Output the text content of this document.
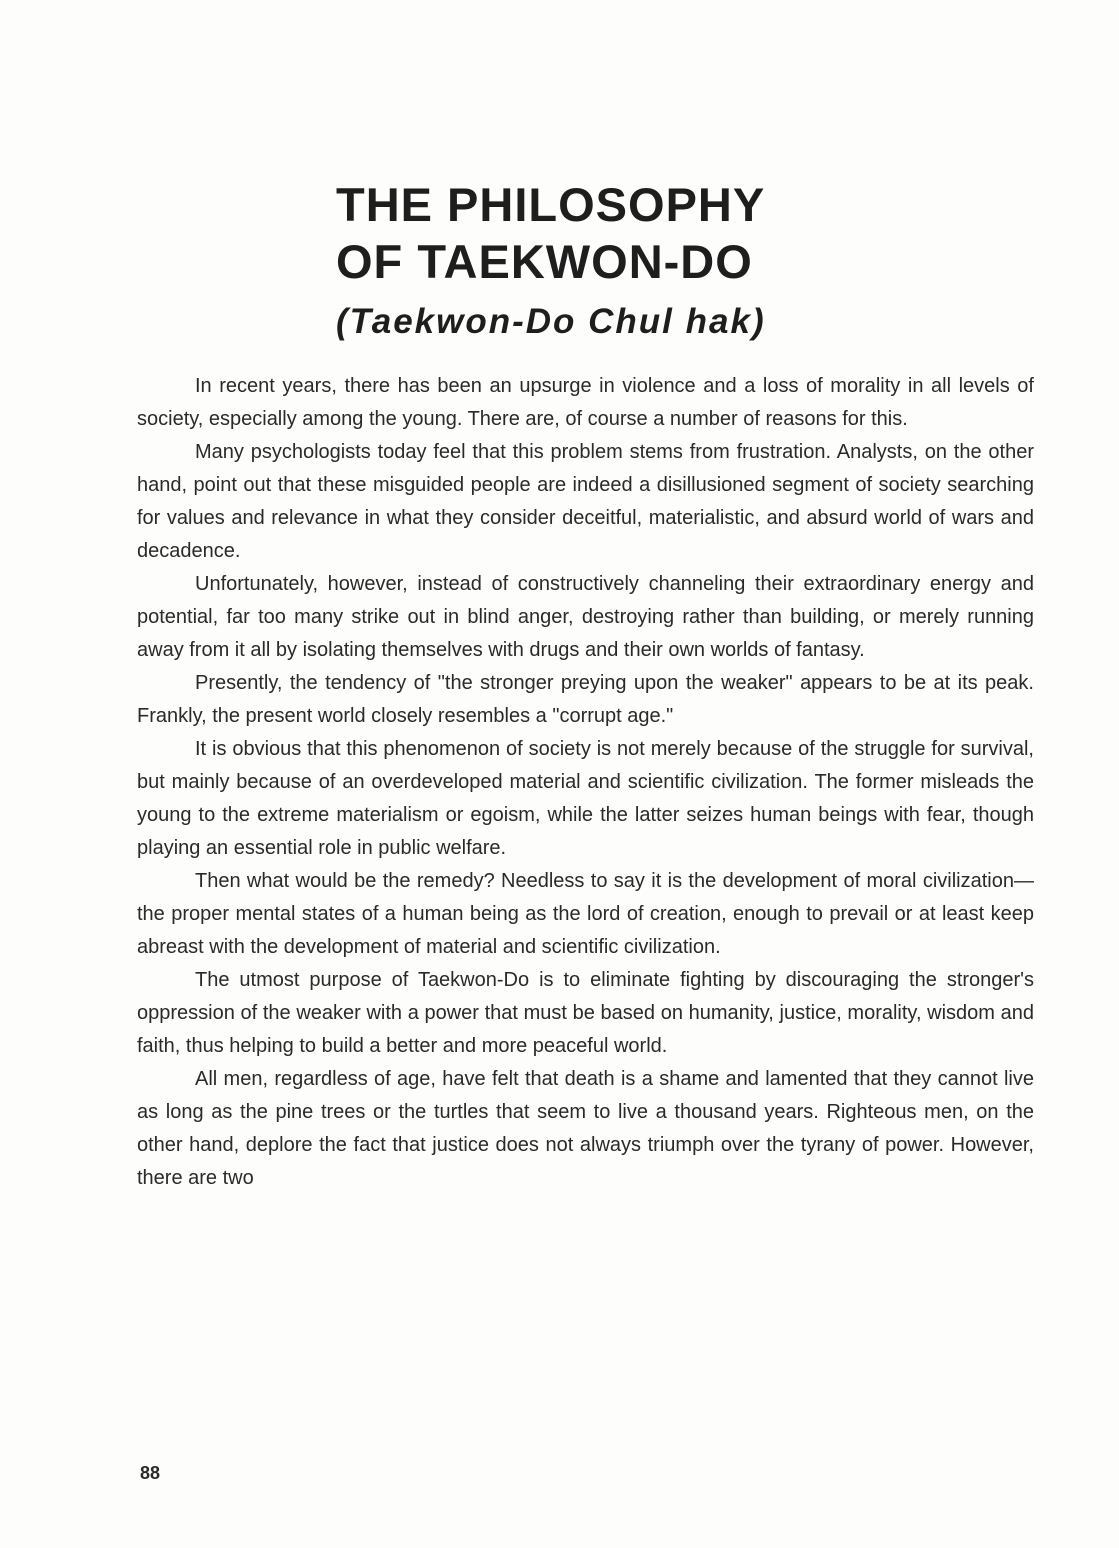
THE PHILOSOPHY
OF TAEKWON-DO
(Taekwon-Do Chul hak)

In recent years, there has been an upsurge in violence and a loss of morality in all levels of society, especially among the young. There are, of course a number of reasons for this.

Many psychologists today feel that this problem stems from frustration. Analysts, on the other hand, point out that these misguided people are indeed a disillusioned segment of society searching for values and relevance in what they consider deceitful, materialistic, and absurd world of wars and decadence.

Unfortunately, however, instead of constructively channeling their extraordinary energy and potential, far too many strike out in blind anger, destroying rather than building, or merely running away from it all by isolating themselves with drugs and their own worlds of fantasy.

Presently, the tendency of "the stronger preying upon the weaker" appears to be at its peak. Frankly, the present world closely resembles a "corrupt age."

It is obvious that this phenomenon of society is not merely because of the struggle for survival, but mainly because of an overdeveloped material and scientific civilization. The former misleads the young to the extreme materialism or egoism, while the latter seizes human beings with fear, though playing an essential role in public welfare.

Then what would be the remedy? Needless to say it is the development of moral civilization—the proper mental states of a human being as the lord of creation, enough to prevail or at least keep abreast with the development of material and scientific civilization.

The utmost purpose of Taekwon-Do is to eliminate fighting by discouraging the stronger's oppression of the weaker with a power that must be based on humanity, justice, morality, wisdom and faith, thus helping to build a better and more peaceful world.

All men, regardless of age, have felt that death is a shame and lamented that they cannot live as long as the pine trees or the turtles that seem to live a thousand years. Righteous men, on the other hand, deplore the fact that justice does not always triumph over the tyrany of power. However, there are two

88
